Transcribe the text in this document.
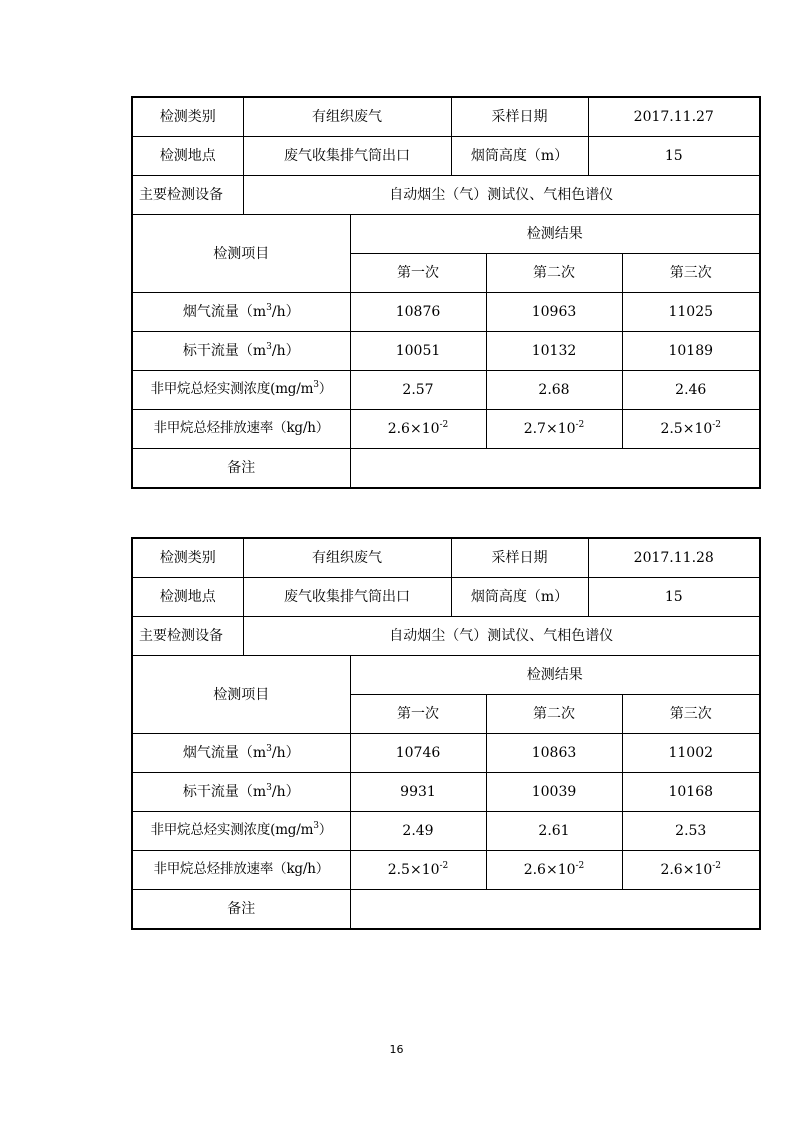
检测类别	有组织废气		采样日期		2017.11.27	
检测地点	废气收集排气筒出口		烟筒高度（m）		15	
主要检测设备	自动烟尘（气）测试仪、气相色谱仪					
检测项目		检测结果				
		第一次		第二次		第三次
烟气流量$(m^3/h)$		10876		10963		11025
标干流量$(m^3/h)$		10051		10132		10189
非甲烷总烃实测浓度$(mg/m^3)$		2.57		2.68		2.46
非甲烷总烃排放速率（kg/h）		$2.6\times 10^{-2}$		$2.7\times 10^{-2}$		$2.5\times 10^{-2}$
备注						
检测类别	有组织废气		采样日期		2017.11.28	
检测地点	废气收集排气筒出口		烟筒高度（m）		15	
主要检测设备	自动烟尘（气）测试仪、气相色谱仪					
检测项目		检测结果				
		第一次		第二次		第三次
烟气流量$(m^3/h)$		10746		10863		11002
标干流量$(m^3/h)$		9931		10039		10168
非甲烷总烃实测浓度$(mg/m^3)$		2.49		2.61		2.53
非甲烷总烃排放速率（kg/h）		$2.5\times 10^{-2}$		$2.6\times 10^{-2}$		$2.6\times 10^{-2}$
备注						
16
